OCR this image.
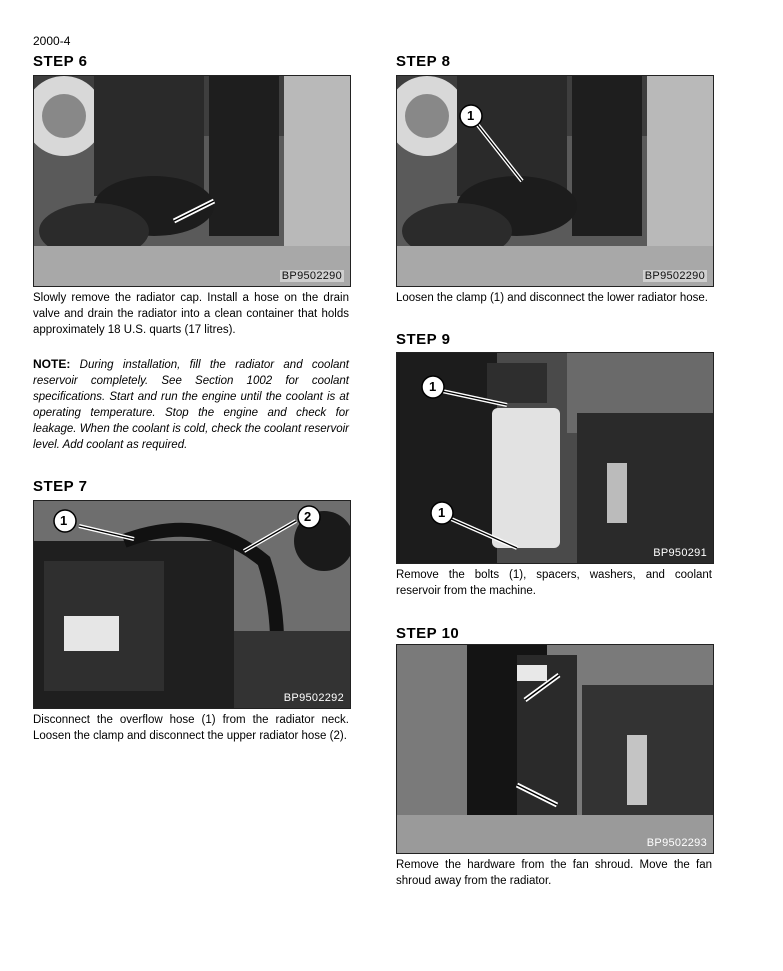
2000-4
STEP 6
BP9502290
Slowly remove the radiator cap. Install a hose on the drain valve and drain the radiator into a clean container that holds approximately 18 U.S. quarts (17 litres).
NOTE: During installation, fill the radiator and coolant reservoir completely. See Section 1002 for coolant specifications. Start and run the engine until the coolant is at operating temperature. Stop the engine and check for leakage. When the coolant is cold, check the coolant reservoir level. Add coolant as required.
STEP 7
1	2
BP9502292
Disconnect the overflow hose (1) from the radiator neck. Loosen the clamp and disconnect the upper radiator hose (2).
STEP 8
1
BP9502290
Loosen the clamp (1) and disconnect the lower radiator hose.
STEP 9
1
1
BP950291
Remove the bolts (1), spacers, washers, and coolant reservoir from the machine.
STEP 10
BP9502293
Remove the hardware from the fan shroud. Move the fan shroud away from the radiator.
